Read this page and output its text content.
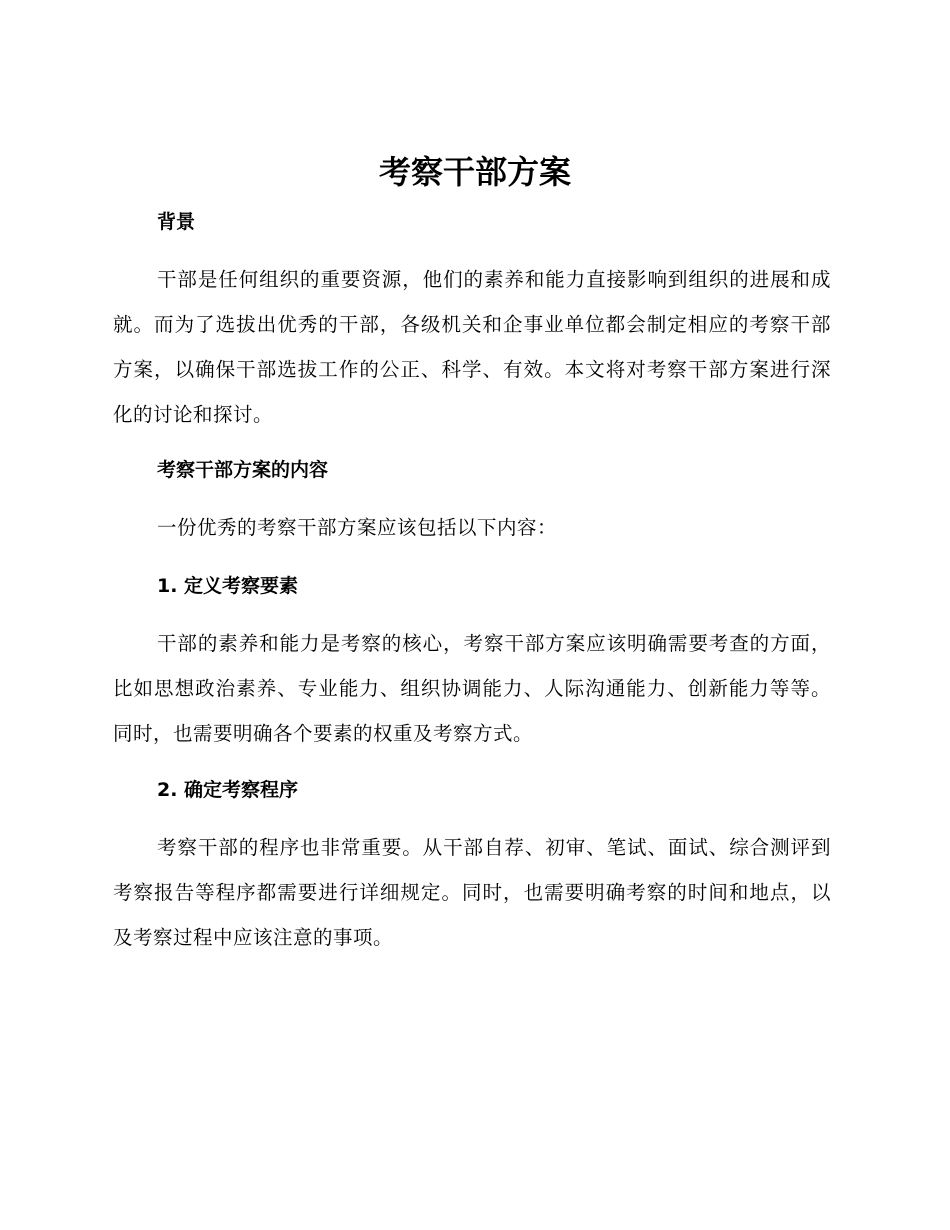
考察干部方案
背景

干部是任何组织的重要资源，他们的素养和能力直接影响到组织的进展和成就。而为了选拔出优秀的干部，各级机关和企事业单位都会制定相应的考察干部方案，以确保干部选拔工作的公正、科学、有效。本文将对考察干部方案进行深化的讨论和探讨。

考察干部方案的内容

一份优秀的考察干部方案应该包括以下内容：

1. 定义考察要素

干部的素养和能力是考察的核心，考察干部方案应该明确需要考查的方面，比如思想政治素养、专业能力、组织协调能力、人际沟通能力、创新能力等等。同时，也需要明确各个要素的权重及考察方式。

2. 确定考察程序

考察干部的程序也非常重要。从干部自荐、初审、笔试、面试、综合测评到考察报告等程序都需要进行详细规定。同时，也需要明确考察的时间和地点，以及考察过程中应该注意的事项。
